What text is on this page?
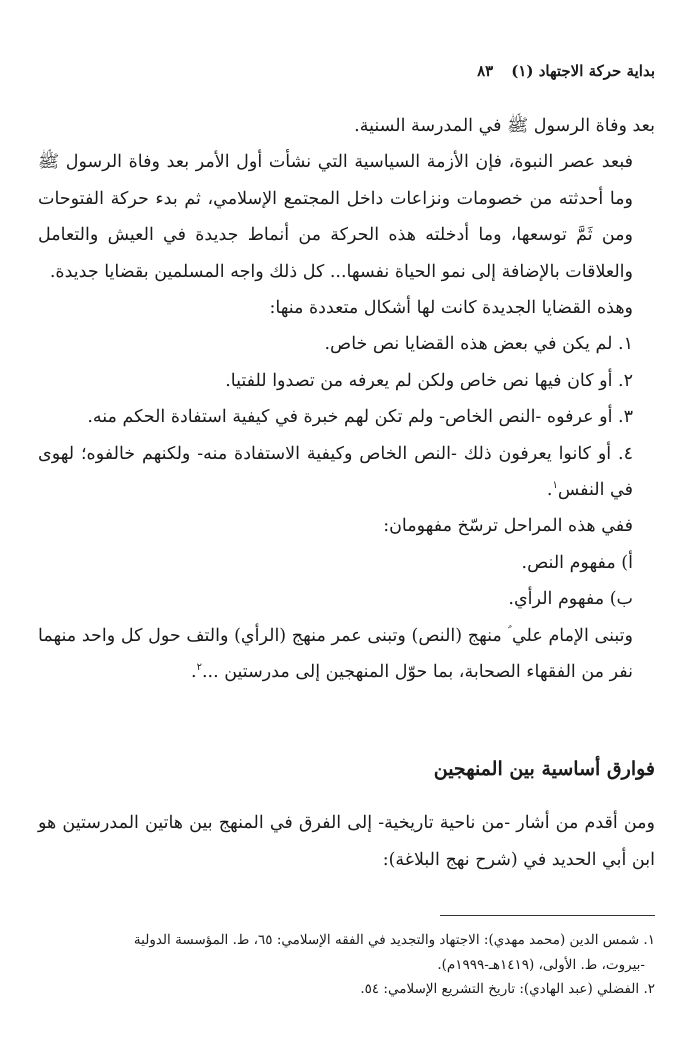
بداية حركة الاجتهاد (١)
٨٣

بعد وفاة الرسول ﷺ في المدرسة السنية.

فبعد عصر النبوة، فإن الأزمة السياسية التي نشأت أول الأمر بعد وفاة الرسول ﷺ وما أحدثته من خصومات ونزاعات داخل المجتمع الإسلامي، ثم بدء حركة الفتوحات ومن ثَمَّ توسعها، وما أدخلته هذه الحركة من أنماط جديدة في العيش والتعامل والعلاقات بالإضافة إلى نمو الحياة نفسها... كل ذلك واجه المسلمين بقضايا جديدة.

وهذه القضايا الجديدة كانت لها أشكال متعددة منها:

١. لم يكن في بعض هذه القضايا نص خاص.

٢. أو كان فيها نص خاص ولكن لم يعرفه من تصدوا للفتيا.

٣. أو عرفوه -النص الخاص- ولم تكن لهم خبرة في كيفية استفادة الحكم منه.

٤. أو كانوا يعرفون ذلك -النص الخاص وكيفية الاستفادة منه- ولكنهم خالفوه؛ لهوى في النفس$^١$.

ففي هذه المراحل ترسّخ مفهومان:

أ) مفهوم النص.

ب) مفهوم الرأي.

وتبنى الإمام علي ؑ منهج (النص) وتبنى عمر منهج (الرأي) والتف حول كل واحد منهما نفر من الفقهاء الصحابة، بما حوّل المنهجين إلى مدرستين ...$^٢$.

فوارق أساسية بين المنهجين

ومن أقدم من أشار -من ناحية تاريخية- إلى الفرق في المنهج بين هاتين المدرستين هو ابن أبي الحديد في (شرح نهج البلاغة):

١. شمس الدين (محمد مهدي): الاجتهاد والتجديد في الفقه الإسلامي: ٦٥، ط. المؤسسة الدولية

-بيروت، ط. الأولى، (١٤١٩هـ-١٩٩٩م).

٢. الفضلي (عبد الهادي): تاريخ التشريع الإسلامي: ٥٤.
